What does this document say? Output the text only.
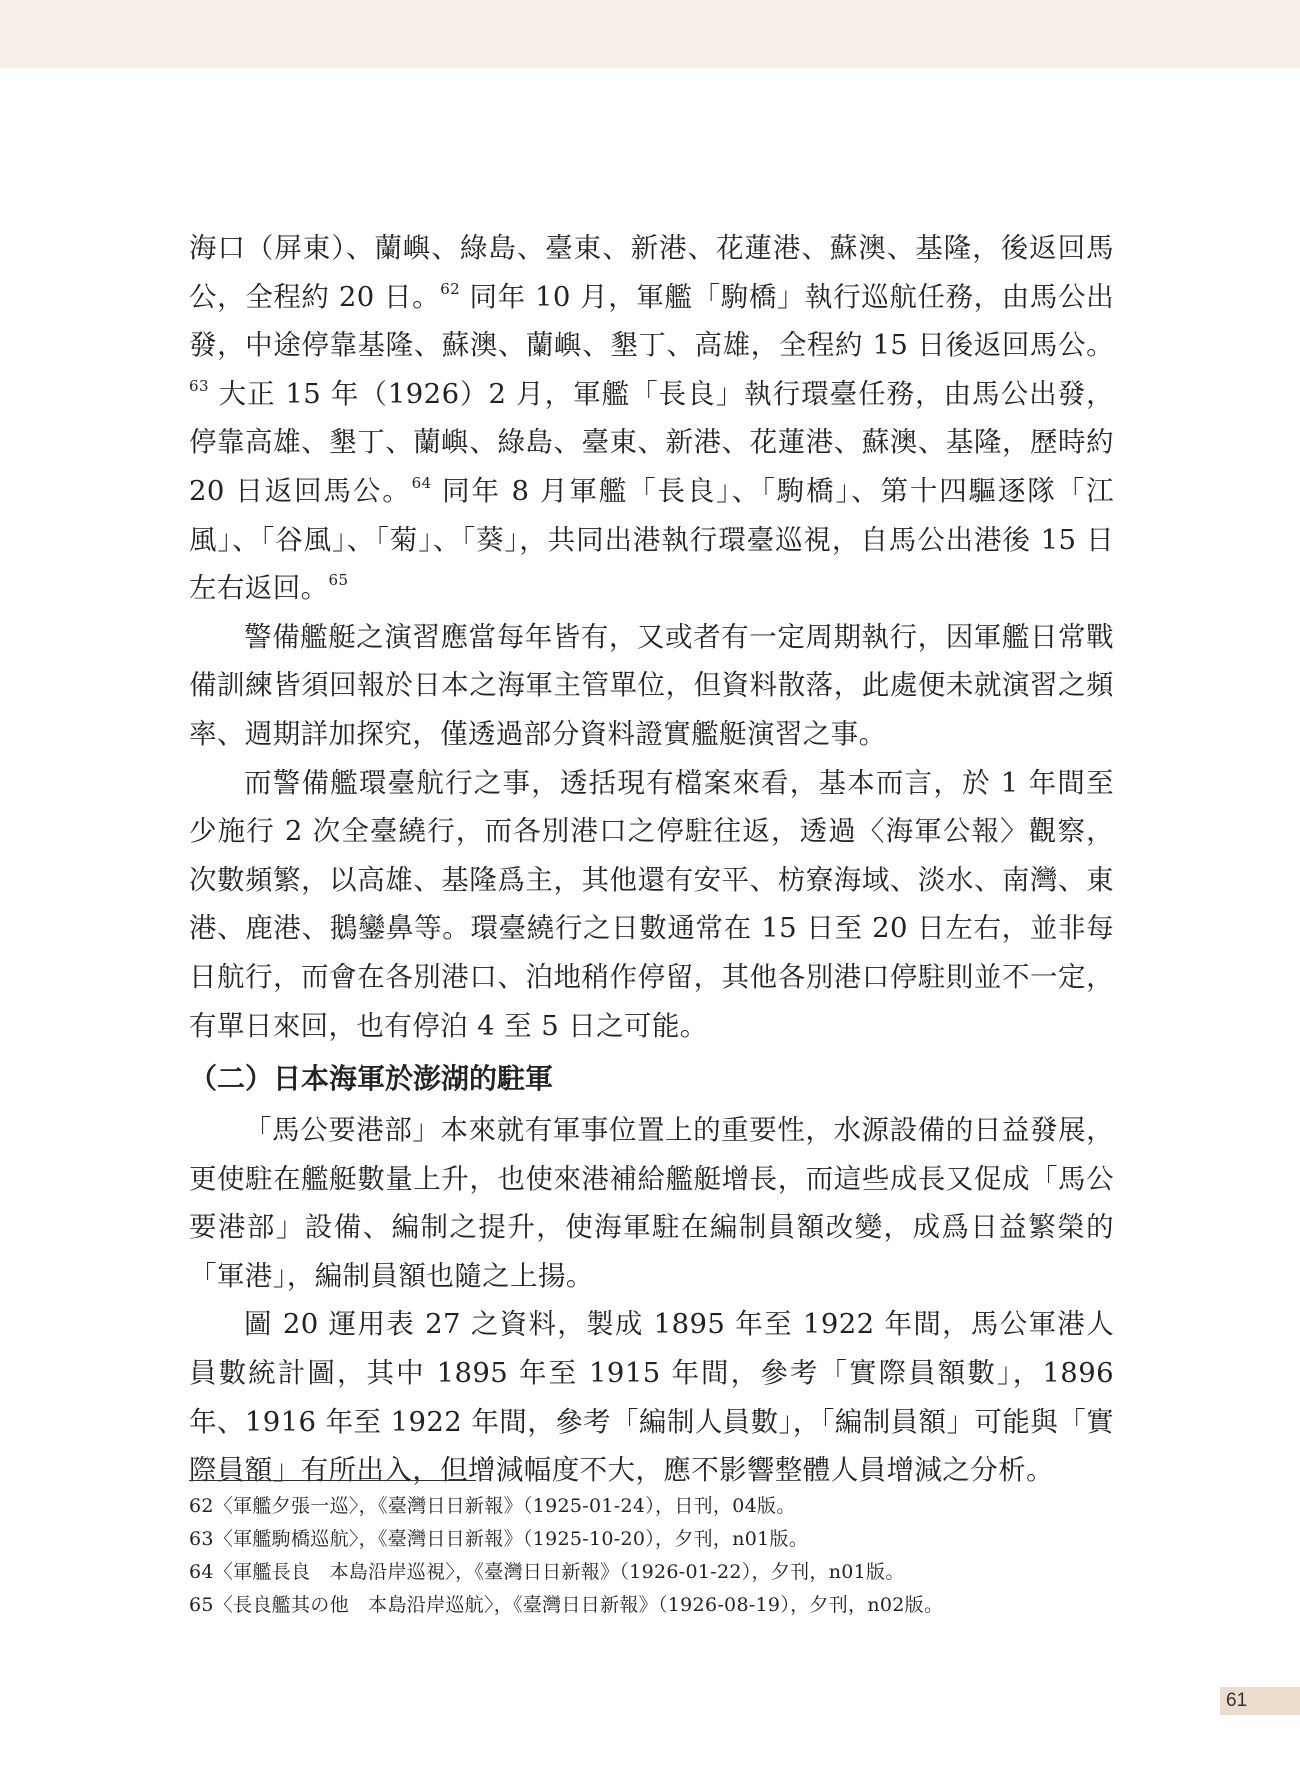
海口（屏東）、蘭嶼、綠島、臺東、新港、花蓮港、蘇澳、基隆，後返回馬公，全程約 20 日。$^{62}$ 同年 10 月，軍艦「駒橋」執行巡航任務，由馬公出發，中途停靠基隆、蘇澳、蘭嶼、墾丁、高雄，全程約 15 日後返回馬公。$^{63}$ 大正 15 年（1926）2 月，軍艦「長良」執行環臺任務，由馬公出發，停靠高雄、墾丁、蘭嶼、綠島、臺東、新港、花蓮港、蘇澳、基隆，歷時約 20 日返回馬公。$^{64}$ 同年 8 月軍艦「長良」、「駒橋」、第十四驅逐隊「江風」、「谷風」、「菊」、「葵」，共同出港執行環臺巡視，自馬公出港後 15 日左右返回。$^{65}$

警備艦艇之演習應當每年皆有，又或者有一定周期執行，因軍艦日常戰備訓練皆須回報於日本之海軍主管單位，但資料散落，此處便未就演習之頻率、週期詳加探究，僅透過部分資料證實艦艇演習之事。

而警備艦環臺航行之事，透括現有檔案來看，基本而言，於 1 年間至少施行 2 次全臺繞行，而各別港口之停駐往返，透過〈海軍公報〉觀察，次數頻繁，以高雄、基隆爲主，其他還有安平、枋寮海域、淡水、南灣、東港、鹿港、鵝鑾鼻等。環臺繞行之日數通常在 15 日至 20 日左右，並非每日航行，而會在各別港口、泊地稍作停留，其他各別港口停駐則並不一定，有單日來回，也有停泊 4 至 5 日之可能。

（二）日本海軍於澎湖的駐軍

「馬公要港部」本來就有軍事位置上的重要性，水源設備的日益發展，更使駐在艦艇數量上升，也使來港補給艦艇增長，而這些成長又促成「馬公要港部」設備、編制之提升，使海軍駐在編制員額改變，成爲日益繁榮的「軍港」，編制員額也隨之上揚。

圖 20 運用表 27 之資料，製成 1895 年至 1922 年間，馬公軍港人員數統計圖，其中 1895 年至 1915 年間，參考「實際員額數」，1896 年、1916 年至 1922 年間，參考「編制人員數」，「編制員額」可能與「實際員額」有所出入，但增減幅度不大，應不影響整體人員增減之分析。

62〈軍艦夕張一巡〉，《臺灣日日新報》（1925-01-24），日刊，04版。

63〈軍艦駒橋巡航〉，《臺灣日日新報》（1925-10-20），夕刊，n01版。

64〈軍艦長良　本島沿岸巡視〉，《臺灣日日新報》（1926-01-22），夕刊，n01版。

65〈長良艦其の他　本島沿岸巡航〉，《臺灣日日新報》（1926-08-19），夕刊，n02版。

61
